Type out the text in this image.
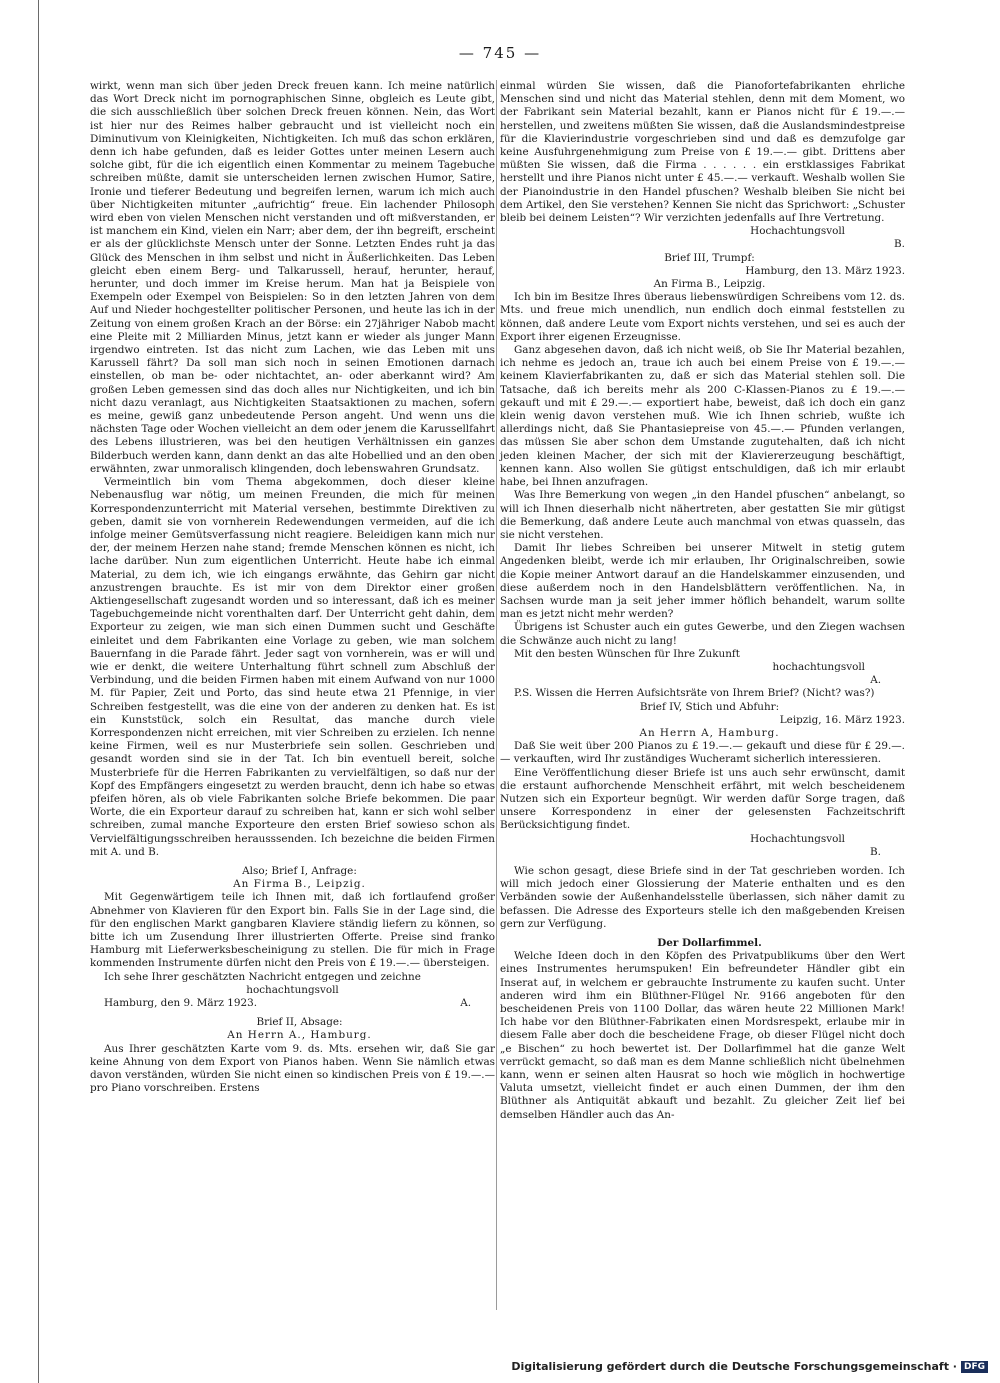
— 745 —

wirkt, wenn man sich über jeden Dreck freuen kann. Ich meine natürlich das Wort Dreck nicht im pornographischen Sinne, obgleich es Leute gibt, die sich ausschließlich über solchen Dreck freuen können. Nein, das Wort ist hier nur des Reimes halber gebraucht und ist vielleicht noch ein Diminutivum von Kleinigkeiten, Nichtigkeiten. Ich muß das schon erklären, denn ich habe gefunden, daß es leider Gottes unter meinen Lesern auch solche gibt, für die ich eigentlich einen Kommentar zu meinem Tagebuche schreiben müßte, damit sie unterscheiden lernen zwischen Humor, Satire, Ironie und tieferer Bedeutung und begreifen lernen, warum ich mich auch über Nichtigkeiten mitunter „aufrichtig“ freue. Ein lachender Philosoph wird eben von vielen Menschen nicht verstanden und oft mißverstanden, er ist manchem ein Kind, vielen ein Narr; aber dem, der ihn begreift, erscheint er als der glücklichste Mensch unter der Sonne. Letzten Endes ruht ja das Glück des Menschen in ihm selbst und nicht in Äußerlichkeiten. Das Leben gleicht eben einem Berg- und Talkarussell, herauf, herunter, herauf, herunter, und doch immer im Kreise herum. Man hat ja Beispiele von Exempeln oder Exempel von Beispielen: So in den letzten Jahren von dem Auf und Nieder hochgestellter politischer Personen, und heute las ich in der Zeitung von einem großen Krach an der Börse: ein 27jähriger Nabob macht eine Pleite mit 2 Milliarden Minus, jetzt kann er wieder als junger Mann irgendwo eintreten. Ist das nicht zum Lachen, wie das Leben mit uns Karussell fährt? Da soll man sich noch in seinen Emotionen darnach einstellen, ob man be- oder nichtachtet, an- oder aberkannt wird? Am großen Leben gemessen sind das doch alles nur Nichtigkeiten, und ich bin nicht dazu veranlagt, aus Nichtigkeiten Staatsaktionen zu machen, sofern es meine, gewiß ganz unbedeutende Person angeht. Und wenn uns die nächsten Tage oder Wochen vielleicht an dem oder jenem die Karussellfahrt des Lebens illustrieren, was bei den heutigen Verhältnissen ein ganzes Bilderbuch werden kann, dann denkt an das alte Hobellied und an den oben erwähnten, zwar unmoralisch klingenden, doch lebenswahren Grundsatz.

Vermeintlich bin vom Thema abgekommen, doch dieser kleine Nebenausflug war nötig, um meinen Freunden, die mich für meinen Korrespondenzunterricht mit Material versehen, bestimmte Direktiven zu geben, damit sie von vornherein Redewendungen vermeiden, auf die ich infolge meiner Gemütsverfassung nicht reagiere. Beleidigen kann mich nur der, der meinem Herzen nahe stand; fremde Menschen können es nicht, ich lache darüber. Nun zum eigentlichen Unterricht. Heute habe ich einmal Material, zu dem ich, wie ich eingangs erwähnte, das Gehirn gar nicht anzustrengen brauchte. Es ist mir von dem Direktor einer großen Aktiengesellschaft zugesandt worden und so interessant, daß ich es meiner Tagebuchgemeinde nicht vorenthalten darf. Der Unterricht geht dahin, dem Exporteur zu zeigen, wie man sich einen Dummen sucht und Geschäfte einleitet und dem Fabrikanten eine Vorlage zu geben, wie man solchem Bauernfang in die Parade fährt. Jeder sagt von vornherein, was er will und wie er denkt, die weitere Unterhaltung führt schnell zum Abschluß der Verbindung, und die beiden Firmen haben mit einem Aufwand von nur 1000 M. für Papier, Zeit und Porto, das sind heute etwa 21 Pfennige, in vier Schreiben festgestellt, was die eine von der anderen zu denken hat. Es ist ein Kunststück, solch ein Resultat, das manche durch viele Korrespondenzen nicht erreichen, mit vier Schreiben zu erzielen. Ich nenne keine Firmen, weil es nur Musterbriefe sein sollen. Geschrieben und gesandt worden sind sie in der Tat. Ich bin eventuell bereit, solche Musterbriefe für die Herren Fabrikanten zu vervielfältigen, so daß nur der Kopf des Empfängers eingesetzt zu werden braucht, denn ich habe so etwas pfeifen hören, als ob viele Fabrikanten solche Briefe bekommen. Die paar Worte, die ein Exporteur darauf zu schreiben hat, kann er sich wohl selber schreiben, zumal manche Exporteure den ersten Brief sowieso schon als Vervielfältigungsschreiben herausssenden. Ich bezeichne die beiden Firmen mit A. und B.

Also; Brief I, Anfrage:

An Firma B., Leipzig.

Mit Gegenwärtigem teile ich Ihnen mit, daß ich fortlaufend großer Abnehmer von Klavieren für den Export bin. Falls Sie in der Lage sind, die für den englischen Markt gangbaren Klaviere ständig liefern zu können, so bitte ich um Zusendung Ihrer illustrierten Offerte. Preise sind franko Hamburg mit Lieferwerksbescheinigung zu stellen. Die für mich in Frage kommenden Instrumente dürfen nicht den Preis von £ 19.—.— übersteigen.

Ich sehe Ihrer geschätzten Nachricht entgegen und zeichne

hochachtungsvoll

Hamburg, den 9. März 1923.	A.

Brief II, Absage:

An Herrn A., Hamburg.

Aus Ihrer geschätzten Karte vom 9. ds. Mts. ersehen wir, daß Sie gar keine Ahnung von dem Export von Pianos haben. Wenn Sie nämlich etwas davon verständen, würden Sie nicht einen so kindischen Preis von £ 19.—.— pro Piano vorschreiben. Erstens

einmal würden Sie wissen, daß die Pianofortefabrikanten ehrliche Menschen sind und nicht das Material stehlen, denn mit dem Moment, wo der Fabrikant sein Material bezahlt, kann er Pianos nicht für £ 19.—.— herstellen, und zweitens müßten Sie wissen, daß die Auslandsmindestpreise für die Klavierindustrie vorgeschrieben sind und daß es demzufolge gar keine Ausfuhrgenehmigung zum Preise von £ 19.—.— gibt. Drittens aber müßten Sie wissen, daß die Firma . . . . . . ein erstklassiges Fabrikat herstellt und ihre Pianos nicht unter £ 45.—.— verkauft. Weshalb wollen Sie der Pianoindustrie in den Handel pfuschen? Weshalb bleiben Sie nicht bei dem Artikel, den Sie verstehen? Kennen Sie nicht das Sprichwort: „Schuster bleib bei deinem Leisten“? Wir verzichten jedenfalls auf Ihre Vertretung.

Hochachtungsvoll

B.

Brief III, Trumpf:

Hamburg, den 13. März 1923.

An Firma B., Leipzig.

Ich bin im Besitze Ihres überaus liebenswürdigen Schreibens vom 12. ds. Mts. und freue mich unendlich, nun endlich doch einmal feststellen zu können, daß andere Leute vom Export nichts verstehen, und sei es auch der Export ihrer eigenen Erzeugnisse.

Ganz abgesehen davon, daß ich nicht weiß, ob Sie Ihr Material bezahlen, ich nehme es jedoch an, traue ich auch bei einem Preise von £ 19.—.— keinem Klavierfabrikanten zu, daß er sich das Material stehlen soll. Die Tatsache, daß ich bereits mehr als 200 C-Klassen-Pianos zu £ 19.—.— gekauft und mit £ 29.—.— exportiert habe, beweist, daß ich doch ein ganz klein wenig davon verstehen muß. Wie ich Ihnen schrieb, wußte ich allerdings nicht, daß Sie Phantasiepreise von 45.—.— Pfunden verlangen, das müssen Sie aber schon dem Umstande zugutehalten, daß ich nicht jeden kleinen Macher, der sich mit der Klaviererzeugung beschäftigt, kennen kann. Also wollen Sie gütigst entschuldigen, daß ich mir erlaubt habe, bei Ihnen anzufragen.

Was Ihre Bemerkung von wegen „in den Handel pfuschen“ anbelangt, so will ich Ihnen dieserhalb nicht nähertreten, aber gestatten Sie mir gütigst die Bemerkung, daß andere Leute auch manchmal von etwas quasseln, das sie nicht verstehen.

Damit Ihr liebes Schreiben bei unserer Mitwelt in stetig gutem Angedenken bleibt, werde ich mir erlauben, Ihr Originalschreiben, sowie die Kopie meiner Antwort darauf an die Handelskammer einzusenden, und diese außerdem noch in den Handelsblättern veröffentlichen. Na, in Sachsen wurde man ja seit jeher immer höflich behandelt, warum sollte man es jetzt nicht mehr werden?

Übrigens ist Schuster auch ein gutes Gewerbe, und den Ziegen wachsen die Schwänze auch nicht zu lang!

Mit den besten Wünschen für Ihre Zukunft

hochachtungsvoll

A.

P.S. Wissen die Herren Aufsichtsräte von Ihrem Brief? (Nicht? was?)

Brief IV, Stich und Abfuhr:

Leipzig, 16. März 1923.

An Herrn A, Hamburg.

Daß Sie weit über 200 Pianos zu £ 19.—.— gekauft und diese für £ 29.—.— verkauften, wird Ihr zuständiges Wucheramt sicherlich interessieren.

Eine Veröffentlichung dieser Briefe ist uns auch sehr erwünscht, damit die erstaunt aufhorchende Menschheit erfährt, mit welch bescheidenem Nutzen sich ein Exporteur begnügt. Wir werden dafür Sorge tragen, daß unsere Korrespondenz in einer der gelesensten Fachzeitschrift Berücksichtigung findet.

Hochachtungsvoll

B.

Wie schon gesagt, diese Briefe sind in der Tat geschrieben worden. Ich will mich jedoch einer Glossierung der Materie enthalten und es den Verbänden sowie der Außenhandelsstelle überlassen, sich näher damit zu befassen. Die Adresse des Exporteurs stelle ich den maßgebenden Kreisen gern zur Verfügung.

Der Dollarfimmel.

Welche Ideen doch in den Köpfen des Privatpublikums über den Wert eines Instrumentes herumspuken! Ein befreundeter Händler gibt ein Inserat auf, in welchem er gebrauchte Instrumente zu kaufen sucht. Unter anderen wird ihm ein Blüthner-Flügel Nr. 9166 angeboten für den bescheidenen Preis von 1100 Dollar, das wären heute 22 Millionen Mark! Ich habe vor den Blüthner-Fabrikaten einen Mordsrespekt, erlaube mir in diesem Falle aber doch die bescheidene Frage, ob dieser Flügel nicht doch „e Bischen“ zu hoch bewertet ist. Der Dollarfimmel hat die ganze Welt verrückt gemacht, so daß man es dem Manne schließlich nicht übelnehmen kann, wenn er seinen alten Hausrat so hoch wie möglich in hochwertige Valuta umsetzt, vielleicht findet er auch einen Dummen, der ihm den Blüthner als Antiquität abkauft und bezahlt. Zu gleicher Zeit lief bei demselben Händler auch das An-

Digitalisierung gefördert durch die Deutsche Forschungsgemeinschaft · DFG
